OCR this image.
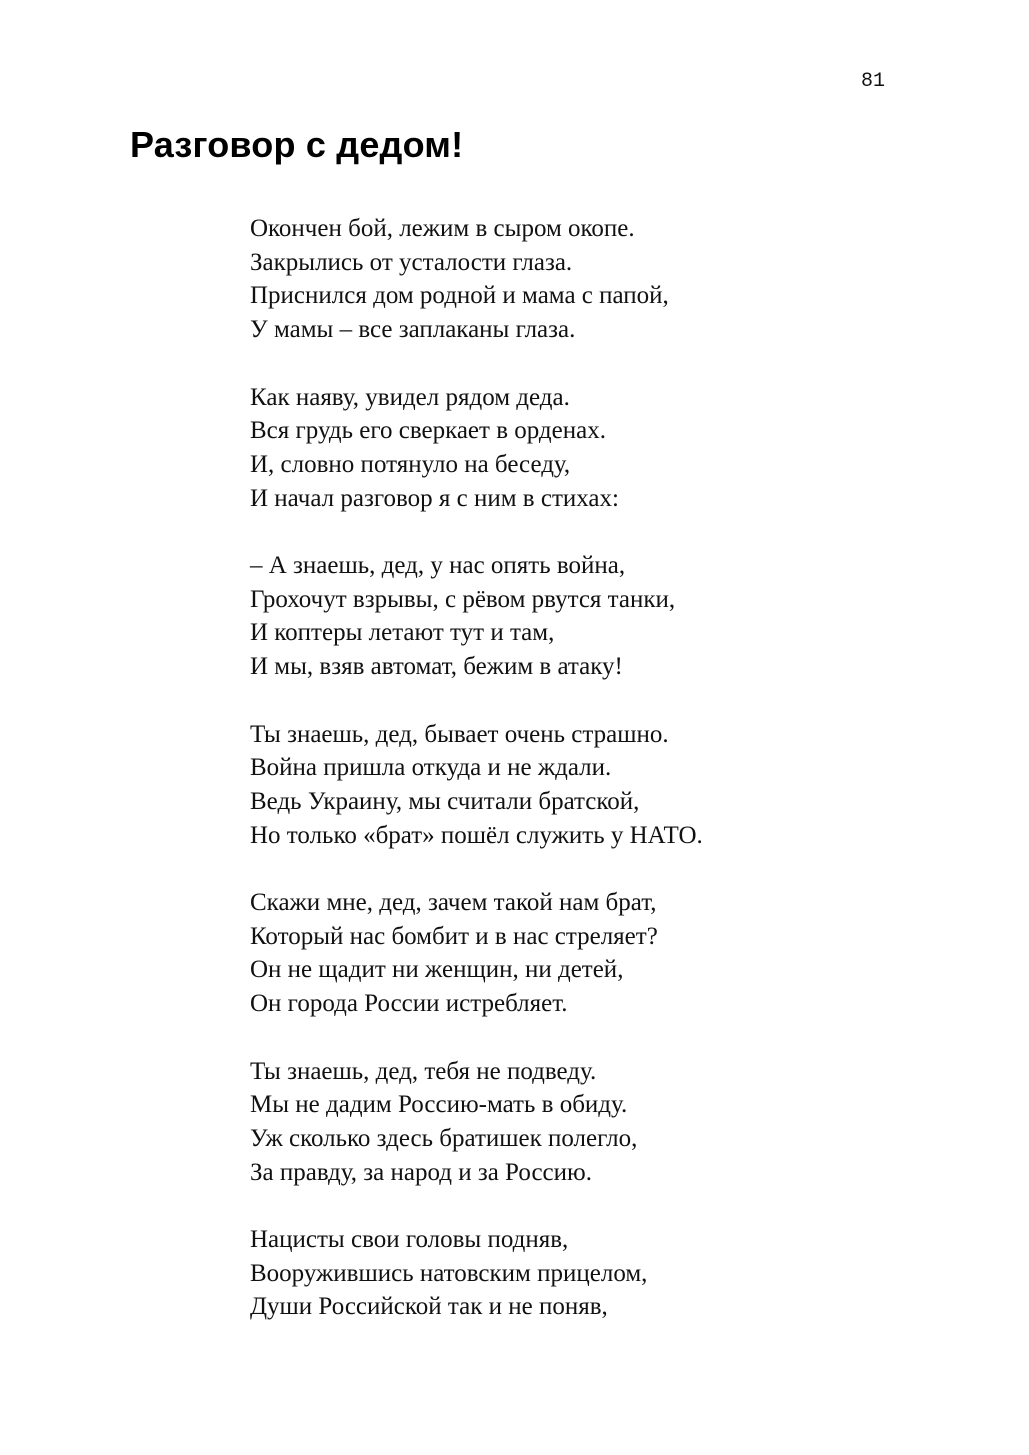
81
Разговор с дедом!
Окончен бой, лежим в сыром окопе.
Закрылись от усталости глаза.
Приснился дом родной и мама с папой,
У мамы – все заплаканы глаза.
Как наяву, увидел рядом деда.
Вся грудь его сверкает в орденах.
И, словно потянуло на беседу,
И начал разговор я с ним в стихах:
– А знаешь, дед, у нас опять война,
Грохочут взрывы, с рёвом рвутся танки,
И коптеры летают тут и там,
И мы, взяв автомат, бежим в атаку!
Ты знаешь, дед, бывает очень страшно.
Война пришла откуда и не ждали.
Ведь Украину, мы считали братской,
Но только «брат» пошёл служить у НАТО.
Скажи мне, дед, зачем такой нам брат,
Который нас бомбит и в нас стреляет?
Он не щадит ни женщин, ни детей,
Он города России истребляет.
Ты знаешь, дед, тебя не подведу.
Мы не дадим Россию-мать в обиду.
Уж сколько здесь братишек полегло,
За правду, за народ и за Россию.
Нацисты свои головы подняв,
Вооружившись натовским прицелом,
Души Российской так и не поняв,
